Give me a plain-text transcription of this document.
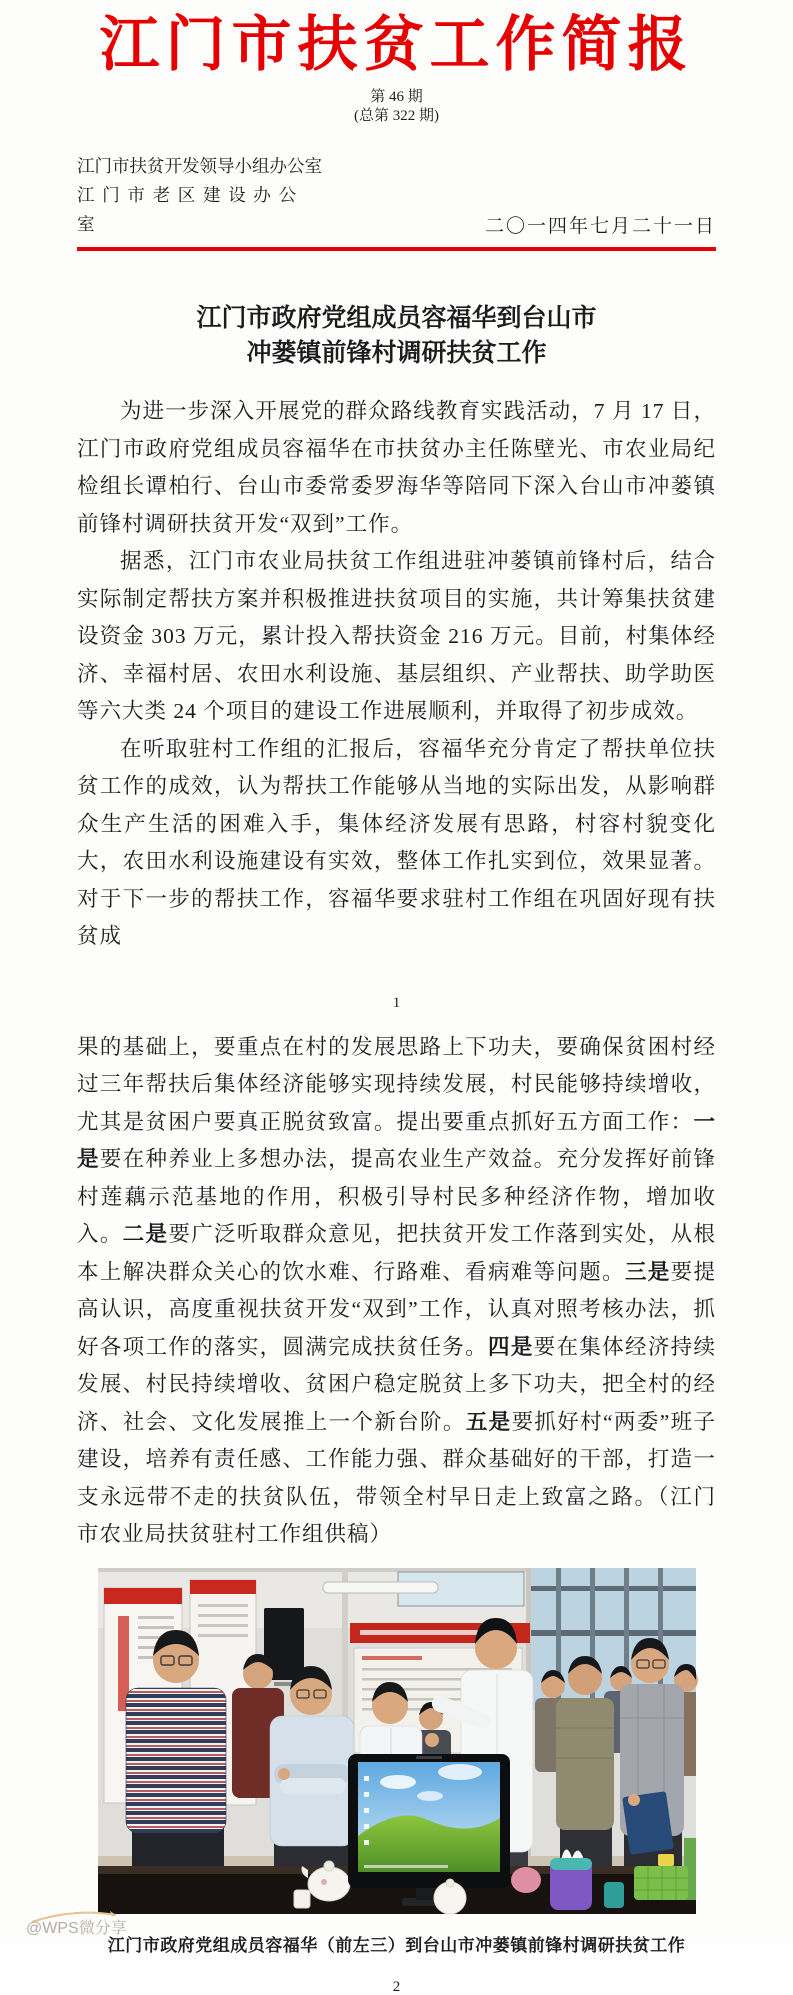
江门市扶贫工作简报
第 46 期
(总第 322 期)
江门市扶贫开发领导小组办公室
江门市老区建设办公室	二〇一四年七月二十一日
江门市政府党组成员容福华到台山市
冲蒌镇前锋村调研扶贫工作

为进一步深入开展党的群众路线教育实践活动，7 月 17 日，江门市政府党组成员容福华在市扶贫办主任陈壁光、市农业局纪检组长谭柏行、台山市委常委罗海华等陪同下深入台山市冲蒌镇前锋村调研扶贫开发“双到”工作。

据悉，江门市农业局扶贫工作组进驻冲蒌镇前锋村后，结合实际制定帮扶方案并积极推进扶贫项目的实施，共计筹集扶贫建设资金 303 万元，累计投入帮扶资金 216 万元。目前，村集体经济、幸福村居、农田水利设施、基层组织、产业帮扶、助学助医等六大类 24 个项目的建设工作进展顺利，并取得了初步成效。

在听取驻村工作组的汇报后，容福华充分肯定了帮扶单位扶贫工作的成效，认为帮扶工作能够从当地的实际出发，从影响群众生产生活的困难入手，集体经济发展有思路，村容村貌变化大，农田水利设施建设有实效，整体工作扎实到位，效果显著。对于下一步的帮扶工作，容福华要求驻村工作组在巩固好现有扶贫成

1

果的基础上，要重点在村的发展思路上下功夫，要确保贫困村经过三年帮扶后集体经济能够实现持续发展，村民能够持续增收，尤其是贫困户要真正脱贫致富。提出要重点抓好五方面工作：一是要在种养业上多想办法，提高农业生产效益。充分发挥好前锋村莲藕示范基地的作用，积极引导村民多种经济作物，增加收入。二是要广泛听取群众意见，把扶贫开发工作落到实处，从根本上解决群众关心的饮水难、行路难、看病难等问题。三是要提高认识，高度重视扶贫开发“双到”工作，认真对照考核办法，抓好各项工作的落实，圆满完成扶贫任务。四是要在集体经济持续发展、村民持续增收、贫困户稳定脱贫上多下功夫，把全村的经济、社会、文化发展推上一个新台阶。五是要抓好村“两委”班子建设，培养有责任感、工作能力强、群众基础好的干部，打造一支永远带不走的扶贫队伍，带领全村早日走上致富之路。（江门市农业局扶贫驻村工作组供稿）

江门市政府党组成员容福华（前左三）到台山市冲蒌镇前锋村调研扶贫工作
2
@WPS微分享
